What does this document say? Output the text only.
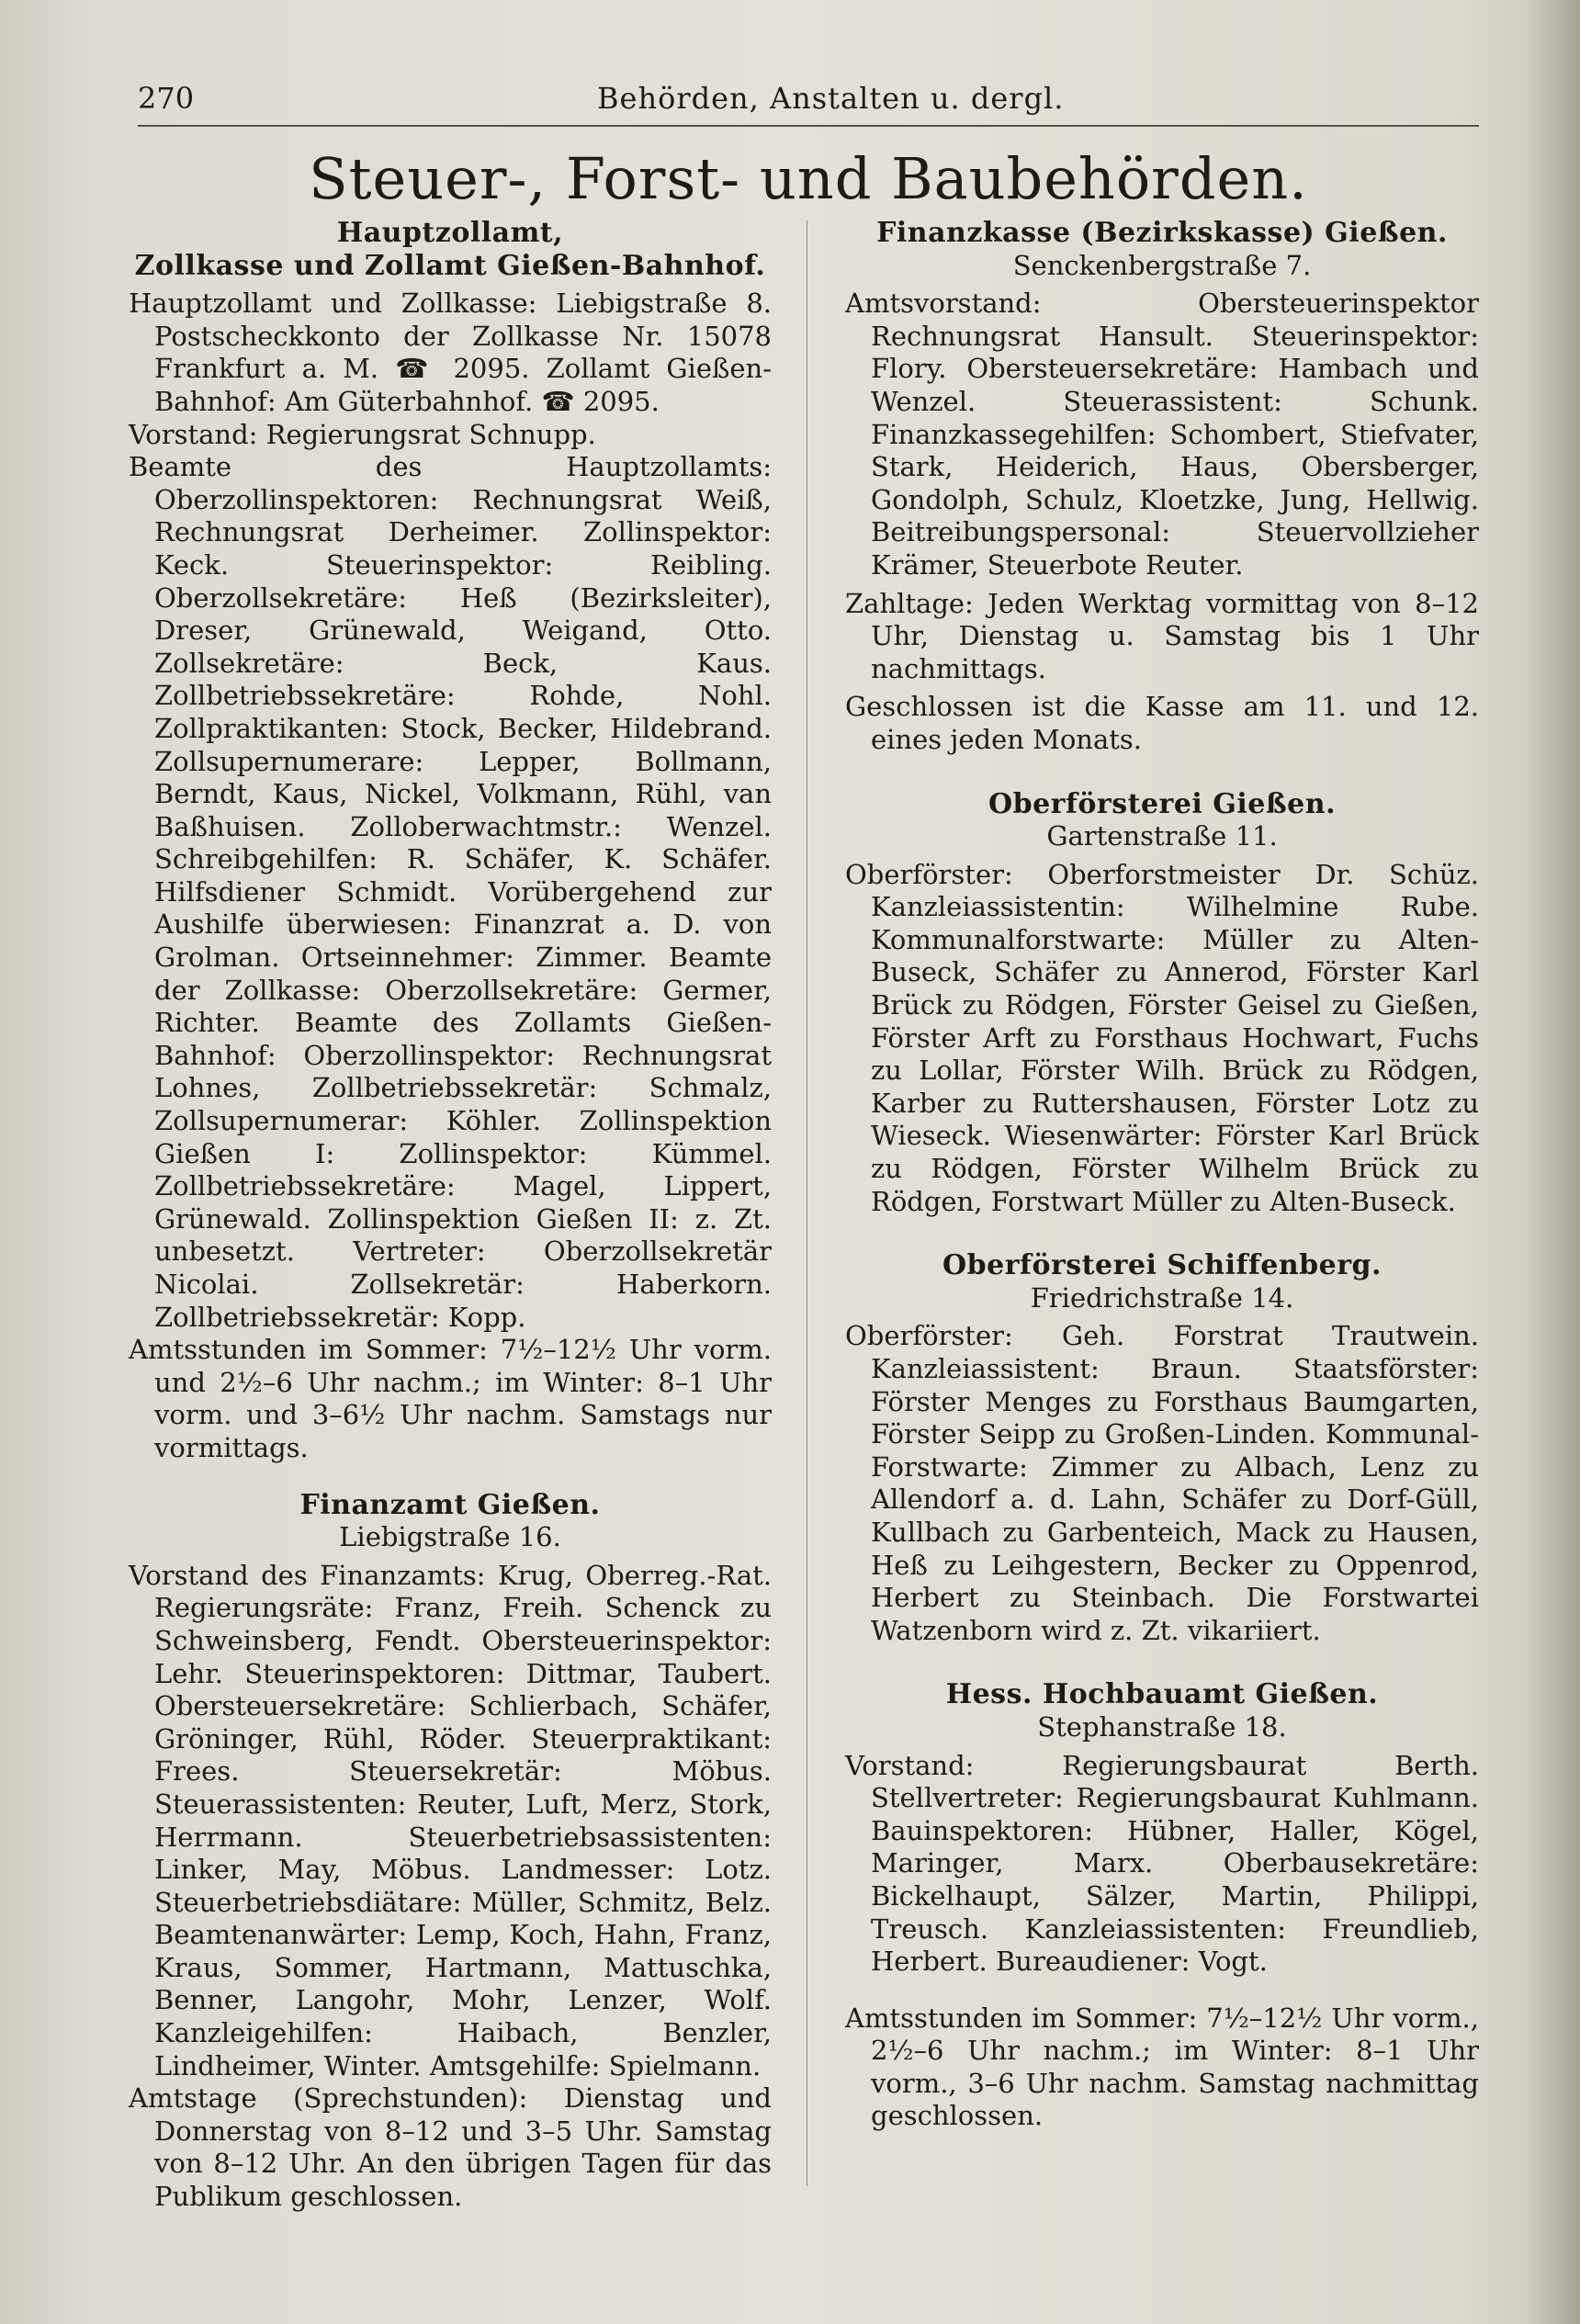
270	Behörden, Anstalten u. dergl.
Steuer-, Forst- und Baubehörden.
Hauptzollamt,
Zollkasse und Zollamt Gießen-Bahnhof.
Hauptzollamt und Zollkasse: Liebigstraße 8. Postscheckkonto der Zollkasse Nr. 15078 Frankfurt a. M. ☎ 2095. Zollamt Gießen-Bahnhof: Am Güterbahnhof. ☎ 2095.
Vorstand: Regierungsrat Schnupp.
Beamte des Hauptzollamts: Oberzollinspektoren: Rechnungsrat Weiß, Rechnungsrat Derheimer. Zollinspektor: Keck. Steuerinspektor: Reibling. Oberzollsekretäre: Heß (Bezirksleiter), Dreser, Grünewald, Weigand, Otto. Zollsekretäre: Beck, Kaus. Zollbetriebssekretäre: Rohde, Nohl. Zollpraktikanten: Stock, Becker, Hildebrand. Zollsupernumerare: Lepper, Bollmann, Berndt, Kaus, Nickel, Volkmann, Rühl, van Baßhuisen. Zolloberwachtmstr.: Wenzel. Schreibgehilfen: R. Schäfer, K. Schäfer. Hilfsdiener Schmidt. Vorübergehend zur Aushilfe überwiesen: Finanzrat a. D. von Grolman. Ortseinnehmer: Zimmer. Beamte der Zollkasse: Oberzollsekretäre: Germer, Richter. Beamte des Zollamts Gießen-Bahnhof: Oberzollinspektor: Rechnungsrat Lohnes, Zollbetriebssekretär: Schmalz, Zollsupernumerar: Köhler. Zollinspektion Gießen I: Zollinspektor: Kümmel. Zollbetriebssekretäre: Magel, Lippert, Grünewald. Zollinspektion Gießen II: z. Zt. unbesetzt. Vertreter: Oberzollsekretär Nicolai. Zollsekretär: Haberkorn. Zollbetriebssekretär: Kopp.
Amtsstunden im Sommer: 7½–12½ Uhr vorm. und 2½–6 Uhr nachm.; im Winter: 8–1 Uhr vorm. und 3–6½ Uhr nachm. Samstags nur vormittags.
Finanzamt Gießen.
Liebigstraße 16.
Vorstand des Finanzamts: Krug, Oberreg.-Rat. Regierungsräte: Franz, Freih. Schenck zu Schweinsberg, Fendt. Obersteuerinspektor: Lehr. Steuerinspektoren: Dittmar, Taubert. Obersteuersekretäre: Schlierbach, Schäfer, Gröninger, Rühl, Röder. Steuerpraktikant: Frees. Steuersekretär: Möbus. Steuerassistenten: Reuter, Luft, Merz, Stork, Herrmann. Steuerbetriebsassistenten: Linker, May, Möbus. Landmesser: Lotz. Steuerbetriebsdiätare: Müller, Schmitz, Belz. Beamtenanwärter: Lemp, Koch, Hahn, Franz, Kraus, Sommer, Hartmann, Mattuschka, Benner, Langohr, Mohr, Lenzer, Wolf. Kanzleigehilfen: Haibach, Benzler, Lindheimer, Winter. Amtsgehilfe: Spielmann.
Amtstage (Sprechstunden): Dienstag und Donnerstag von 8–12 und 3–5 Uhr. Samstag von 8–12 Uhr. An den übrigen Tagen für das Publikum geschlossen.
Finanzkasse (Bezirkskasse) Gießen.
Senckenbergstraße 7.
Amtsvorstand: Obersteuerinspektor Rechnungsrat Hansult. Steuerinspektor: Flory. Obersteuersekretäre: Hambach und Wenzel. Steuerassistent: Schunk. Finanzkassegehilfen: Schombert, Stiefvater, Stark, Heiderich, Haus, Obersberger, Gondolph, Schulz, Kloetzke, Jung, Hellwig. Beitreibungspersonal: Steuervollzieher Krämer, Steuerbote Reuter.
Zahltage: Jeden Werktag vormittag von 8–12 Uhr, Dienstag u. Samstag bis 1 Uhr nachmittags.
Geschlossen ist die Kasse am 11. und 12. eines jeden Monats.
Oberförsterei Gießen.
Gartenstraße 11.
Oberförster: Oberforstmeister Dr. Schüz. Kanzleiassistentin: Wilhelmine Rube. Kommunalforstwarte: Müller zu Alten-Buseck, Schäfer zu Annerod, Förster Karl Brück zu Rödgen, Förster Geisel zu Gießen, Förster Arft zu Forsthaus Hochwart, Fuchs zu Lollar, Förster Wilh. Brück zu Rödgen, Karber zu Ruttershausen, Förster Lotz zu Wieseck. Wiesenwärter: Förster Karl Brück zu Rödgen, Förster Wilhelm Brück zu Rödgen, Forstwart Müller zu Alten-Buseck.
Oberförsterei Schiffenberg.
Friedrichstraße 14.
Oberförster: Geh. Forstrat Trautwein. Kanzleiassistent: Braun. Staatsförster: Förster Menges zu Forsthaus Baumgarten, Förster Seipp zu Großen-Linden. Kommunal-Forstwarte: Zimmer zu Albach, Lenz zu Allendorf a. d. Lahn, Schäfer zu Dorf-Güll, Kullbach zu Garbenteich, Mack zu Hausen, Heß zu Leihgestern, Becker zu Oppenrod, Herbert zu Steinbach. Die Forstwartei Watzenborn wird z. Zt. vikariiert.
Hess. Hochbauamt Gießen.
Stephanstraße 18.
Vorstand: Regierungsbaurat Berth. Stellvertreter: Regierungsbaurat Kuhlmann. Bauinspektoren: Hübner, Haller, Kögel, Maringer, Marx. Oberbausekretäre: Bickelhaupt, Sälzer, Martin, Philippi, Treusch. Kanzleiassistenten: Freundlieb, Herbert. Bureaudiener: Vogt.
Amtsstunden im Sommer: 7½–12½ Uhr vorm., 2½–6 Uhr nachm.; im Winter: 8–1 Uhr vorm., 3–6 Uhr nachm. Samstag nachmittag geschlossen.
